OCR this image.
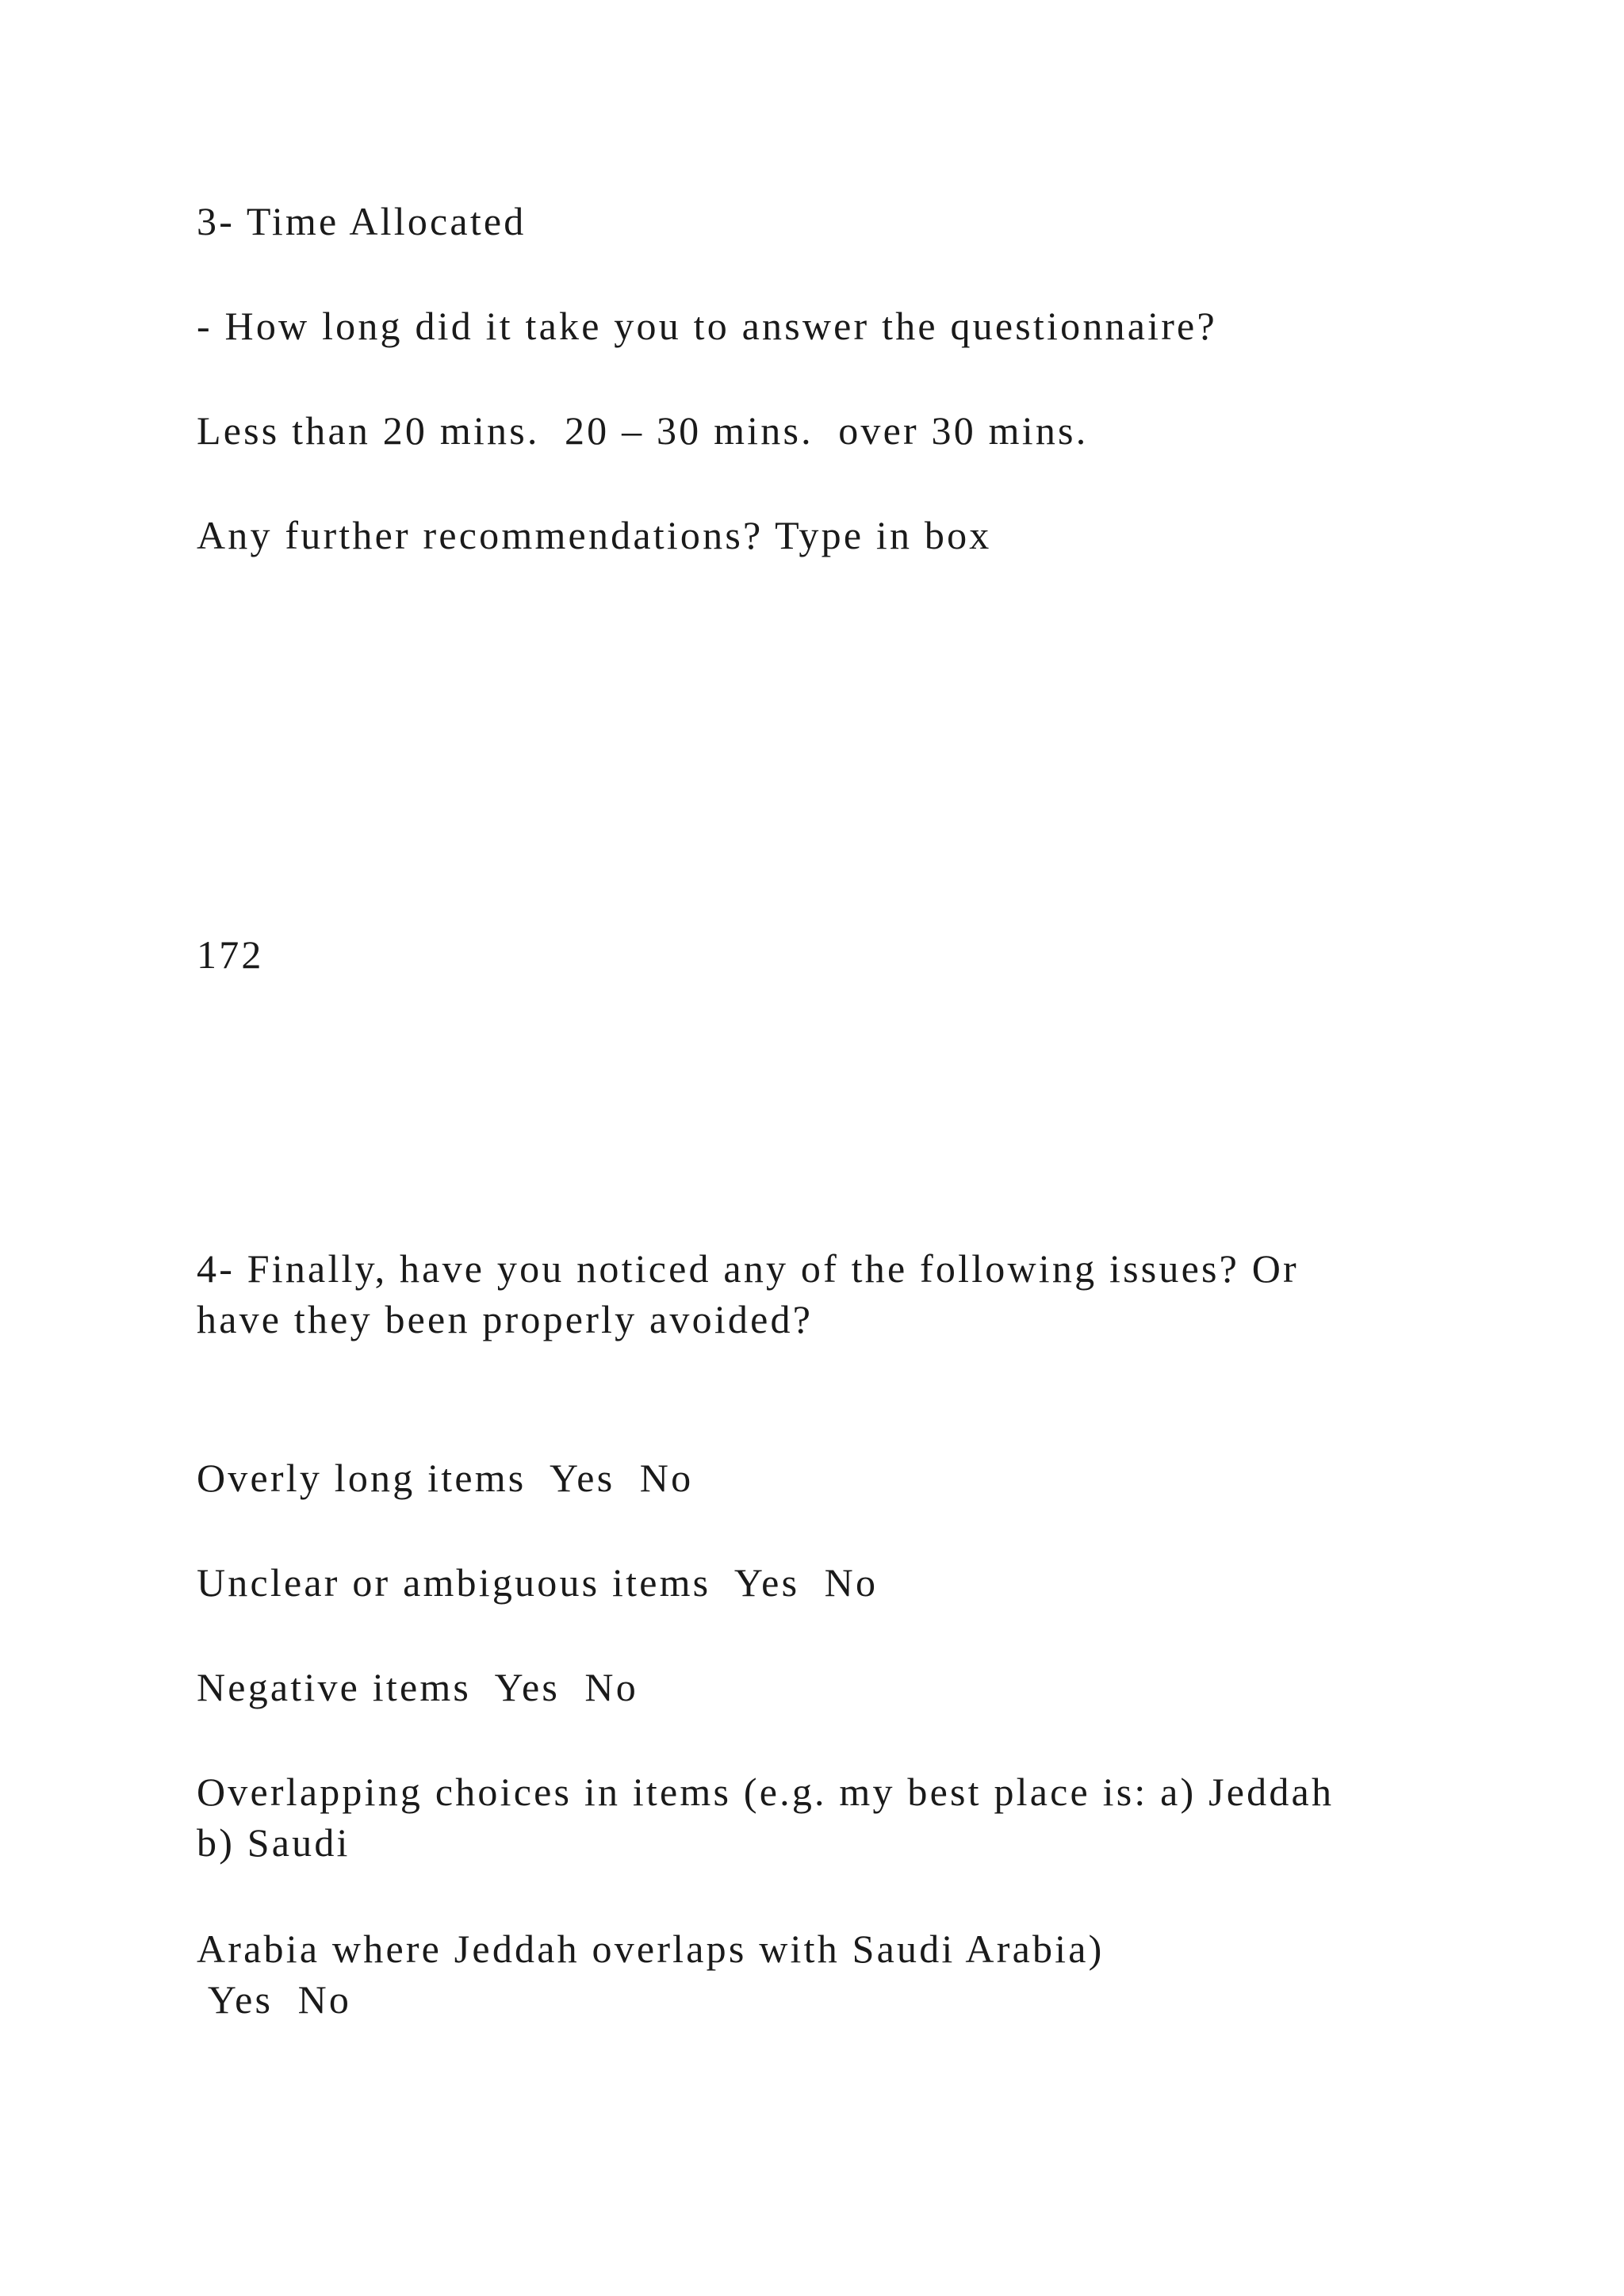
3- Time Allocated

- How long did it take you to answer the questionnaire?

Less than 20 mins.  20 – 30 mins.  over 30 mins.

Any further recommendations? Type in box

172

4- Finally, have you noticed any of the following issues? Or

have they been properly avoided?

Overly long items  Yes  No

Unclear or ambiguous items  Yes  No

Negative items  Yes  No

Overlapping choices in items (e.g. my best place is: a) Jeddah

b) Saudi

Arabia where Jeddah overlaps with Saudi Arabia)

Yes  No
